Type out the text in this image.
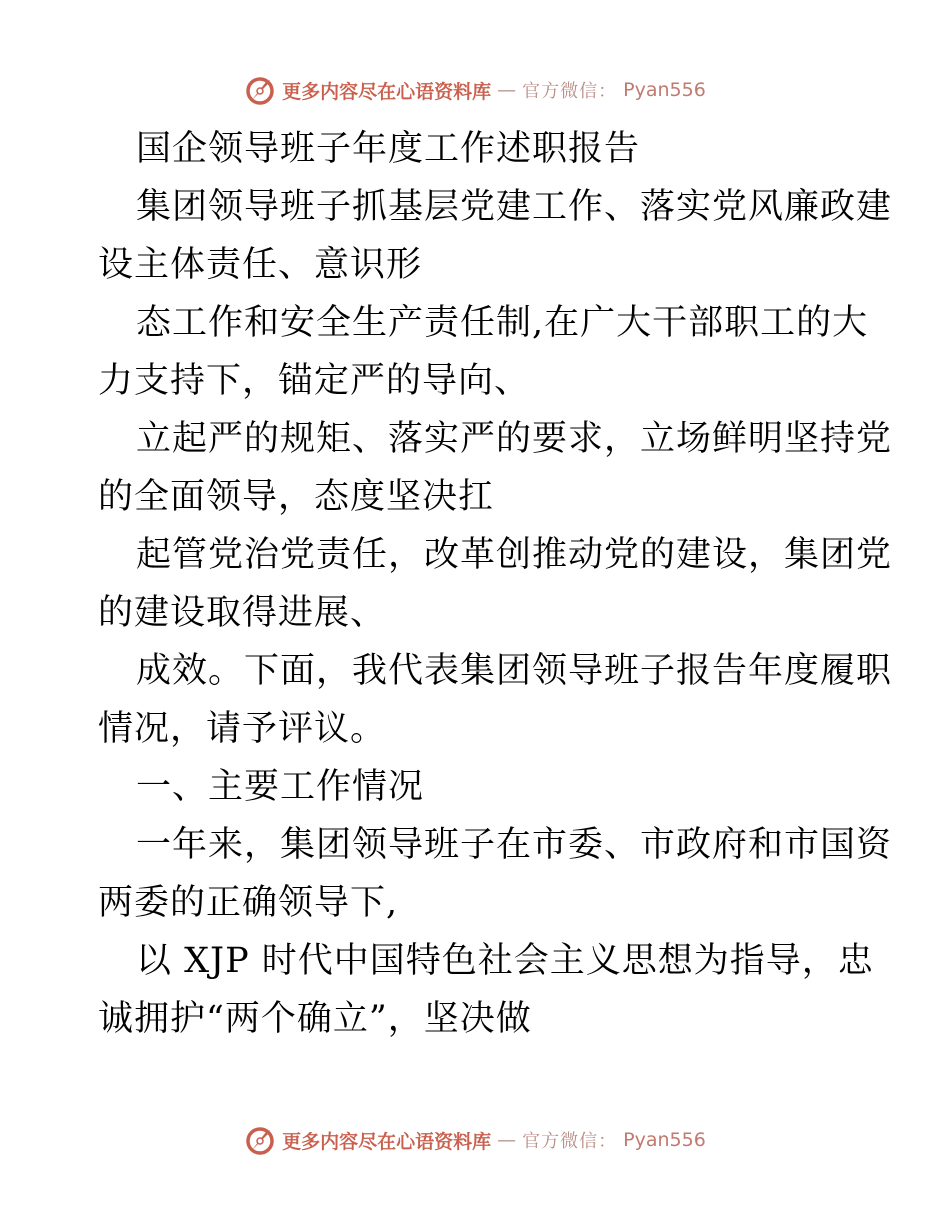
更多内容尽在心语资料库 — 官方微信： Pyan556
国企领导班子年度工作述职报告
集团领导班子抓基层党建工作、落实党风廉政建
设主体责任、意识形
态工作和安全生产责任制,在广大干部职工的大
力支持下，锚定严的导向、
立起严的规矩、落实严的要求，立场鲜明坚持党
的全面领导，态度坚决扛
起管党治党责任，改革创推动党的建设，集团党
的建设取得进展、
成效。下面，我代表集团领导班子报告年度履职
情况，请予评议。
一、主要工作情况
一年来，集团领导班子在市委、市政府和市国资
两委的正确领导下,
以 XJP 时代中国特色社会主义思想为指导，忠
诚拥护“两个确立”，坚决做
更多内容尽在心语资料库 — 官方微信： Pyan556
